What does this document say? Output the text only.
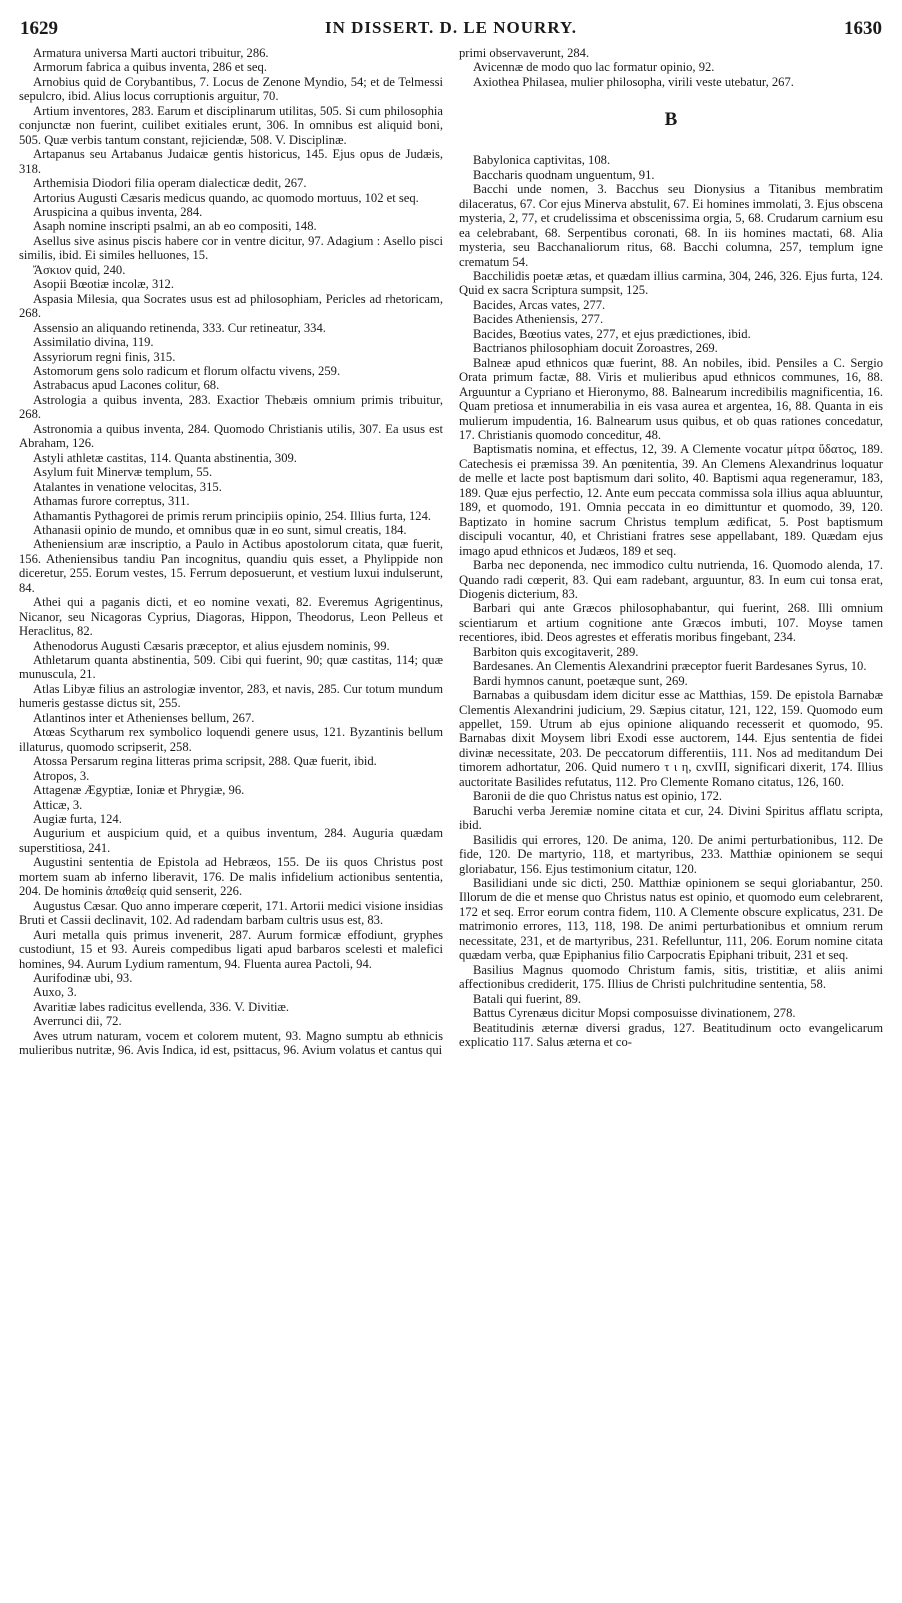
1629	IN DISSERT. D. LE NOURRY.	1630

Armatura universa Marti auctori tribuitur, 286.

Armorum fabrica a quibus inventa, 286 et seq.

Arnobius quid de Corybantibus, 7. Locus de Zenone Myndio, 54; et de Telmessi sepulcro, ibid. Alius locus corruptionis arguitur, 70.

Artium inventores, 283. Earum et disciplinarum utilitas, 505. Si cum philosophia conjunctæ non fuerint, cuilibet exitiales erunt, 306. In omnibus est aliquid boni, 505. Quæ verbis tantum constant, rejiciendæ, 508. V. Disciplinæ.

Artapanus seu Artabanus Judaicæ gentis historicus, 145. Ejus opus de Judæis, 318.

Arthemisia Diodori filia operam dialecticæ dedit, 267.

Artorius Augusti Cæsaris medicus quando, ac quomodo mortuus, 102 et seq.

Aruspicina a quibus inventa, 284.

Asaph nomine inscripti psalmi, an ab eo compositi, 148.

Asellus sive asinus piscis habere cor in ventre dicitur, 97. Adagium : Asello pisci similis, ibid. Ei similes helluones, 15.

Ἄσκιον quid, 240.

Asopii Bœotiæ incolæ, 312.

Aspasia Milesia, qua Socrates usus est ad philosophiam, Pericles ad rhetoricam, 268.

Assensio an aliquando retinenda, 333. Cur retineatur, 334.

Assimilatio divina, 119.

Assyriorum regni finis, 315.

Astomorum gens solo radicum et florum olfactu vivens, 259.

Astrabacus apud Lacones colitur, 68.

Astrologia a quibus inventa, 283. Exactior Thebæis omnium primis tribuitur, 268.

Astronomia a quibus inventa, 284. Quomodo Christianis utilis, 307. Ea usus est Abraham, 126.

Astyli athletæ castitas, 114. Quanta abstinentia, 309.

Asylum fuit Minervæ templum, 55.

Atalantes in venatione velocitas, 315.

Athamas furore correptus, 311.

Athamantis Pythagorei de primis rerum principiis opinio, 254. Illius furta, 124.

Athanasii opinio de mundo, et omnibus quæ in eo sunt, simul creatis, 184.

Atheniensium aræ inscriptio, a Paulo in Actibus apostolorum citata, quæ fuerit, 156. Atheniensibus tandiu Pan incognitus, quandiu quis esset, a Phylippide non diceretur, 255. Eorum vestes, 15. Ferrum deposuerunt, et vestium luxui indulserunt, 84.

Athei qui a paganis dicti, et eo nomine vexati, 82. Everemus Agrigentinus, Nicanor, seu Nicagoras Cyprius, Diagoras, Hippon, Theodorus, Leon Pelleus et Heraclitus, 82.

Athenodorus Augusti Cæsaris præceptor, et alius ejusdem nominis, 99.

Athletarum quanta abstinentia, 509. Cibi qui fuerint, 90; quæ castitas, 114; quæ munuscula, 21.

Atlas Libyæ filius an astrologiæ inventor, 283, et navis, 285. Cur totum mundum humeris gestasse dictus sit, 255.

Atlantinos inter et Athenienses bellum, 267.

Atœas Scytharum rex symbolico loquendi genere usus, 121. Byzantinis bellum illaturus, quomodo scripserit, 258.

Atossa Persarum regina litteras prima scripsit, 288. Quæ fuerit, ibid.

Atropos, 3.

Attagenæ Ægyptiæ, Ioniæ et Phrygiæ, 96.

Atticæ, 3.

Augiæ furta, 124.

Augurium et auspicium quid, et a quibus inventum, 284. Auguria quædam superstitiosa, 241.

Augustini sententia de Epistola ad Hebræos, 155. De iis quos Christus post mortem suam ab inferno liberavit, 176. De malis infidelium actionibus sententia, 204. De hominis ἀπαθείᾳ quid senserit, 226.

Augustus Cæsar. Quo anno imperare cœperit, 171. Artorii medici visione insidias Bruti et Cassii declinavit, 102. Ad radendam barbam cultris usus est, 83.

Auri metalla quis primus invenerit, 287. Aurum formicæ effodiunt, gryphes custodiunt, 15 et 93. Aureis compedibus ligati apud barbaros scelesti et malefici homines, 94. Aurum Lydium ramentum, 94. Fluenta aurea Pactoli, 94.

Aurifodinæ ubi, 93.

Auxo, 3.

Avaritiæ labes radicitus evellenda, 336. V. Divitiæ.

Averrunci dii, 72.

Aves utrum naturam, vocem et colorem mutent, 93. Magno sumptu ab ethnicis mulieribus nutritæ, 96. Avis Indica, id est, psittacus, 96. Avium volatus et cantus qui

primi observaverunt, 284.

Avicennæ de modo quo lac formatur opinio, 92.

Axiothea Philasea, mulier philosopha, virili veste utebatur, 267.

B

Babylonica captivitas, 108.

Baccharis quodnam unguentum, 91.

Bacchi unde nomen, 3. Bacchus seu Dionysius a Titanibus membratim dilaceratus, 67. Cor ejus Minerva abstulit, 67. Ei homines immolati, 3. Ejus obscena mysteria, 2, 77, et crudelissima et obscenissima orgia, 5, 68. Crudarum carnium esu ea celebrabant, 68. Serpentibus coronati, 68. In iis homines mactati, 68. Alia mysteria, seu Bacchanaliorum ritus, 68. Bacchi columna, 257, templum igne crematum 54.

Bacchilidis poetæ ætas, et quædam illius carmina, 304, 246, 326. Ejus furta, 124. Quid ex sacra Scriptura sumpsit, 125.

Bacides, Arcas vates, 277.

Bacides Atheniensis, 277.

Bacides, Bœotius vates, 277, et ejus prædictiones, ibid.

Bactrianos philosophiam docuit Zoroastres, 269.

Balneæ apud ethnicos quæ fuerint, 88. An nobiles, ibid. Pensiles a C. Sergio Orata primum factæ, 88. Viris et mulieribus apud ethnicos communes, 16, 88. Arguuntur a Cypriano et Hieronymo, 88. Balnearum incredibilis magnificentia, 16. Quam pretiosa et innumerabilia in eis vasa aurea et argentea, 16, 88. Quanta in eis mulierum impudentia, 16. Balnearum usus quibus, et ob quas rationes concedatur, 17. Christianis quomodo conceditur, 48.

Baptismatis nomina, et effectus, 12, 39. A Clemente vocatur μίτρα ὕδατος, 189. Catechesis ei præmissa 39. An pœnitentia, 39. An Clemens Alexandrinus loquatur de melle et lacte post baptismum dari solito, 40. Baptismi aqua regeneramur, 183, 189. Quæ ejus perfectio, 12. Ante eum peccata commissa sola illius aqua abluuntur, 189, et quomodo, 191. Omnia peccata in eo dimittuntur et quomodo, 39, 120. Baptizato in homine sacrum Christus templum ædificat, 5. Post baptismum discipuli vocantur, 40, et Christiani fratres sese appellabant, 189. Quædam ejus imago apud ethnicos et Judæos, 189 et seq.

Barba nec deponenda, nec immodico cultu nutrienda, 16. Quomodo alenda, 17. Quando radi cœperit, 83. Qui eam radebant, arguuntur, 83. In eum cui tonsa erat, Diogenis dicterium, 83.

Barbari qui ante Græcos philosophabantur, qui fuerint, 268. Illi omnium scientiarum et artium cognitione ante Græcos imbuti, 107. Moyse tamen recentiores, ibid. Deos agrestes et efferatis moribus fingebant, 234.

Barbiton quis excogitaverit, 289.

Bardesanes. An Clementis Alexandrini præceptor fuerit Bardesanes Syrus, 10.

Bardi hymnos canunt, poetæque sunt, 269.

Barnabas a quibusdam idem dicitur esse ac Matthias, 159. De epistola Barnabæ Clementis Alexandrini judicium, 29. Sæpius citatur, 121, 122, 159. Quomodo eum appellet, 159. Utrum ab ejus opinione aliquando recesserit et quomodo, 95. Barnabas dixit Moysem libri Exodi esse auctorem, 144. Ejus sententia de fidei divinæ necessitate, 203. De peccatorum differentiis, 111. Nos ad meditandum Dei timorem adhortatur, 206. Quid numero τ ι η, cxvIII, significari dixerit, 174. Illius auctoritate Basilides refutatus, 112. Pro Clemente Romano citatus, 126, 160.

Baronii de die quo Christus natus est opinio, 172.

Baruchi verba Jeremiæ nomine citata et cur, 24. Divini Spiritus afflatu scripta, ibid.

Basilidis qui errores, 120. De anima, 120. De animi perturbationibus, 112. De fide, 120. De martyrio, 118, et martyribus, 233. Matthiæ opinionem se sequi gloriabatur, 156. Ejus testimonium citatur, 120.

Basilidiani unde sic dicti, 250. Matthiæ opinionem se sequi gloriabantur, 250. Illorum de die et mense quo Christus natus est opinio, et quomodo eum celebrarent, 172 et seq. Error eorum contra fidem, 110. A Clemente obscure explicatus, 231. De matrimonio errores, 113, 118, 198. De animi perturbationibus et omnium rerum necessitate, 231, et de martyribus, 231. Refelluntur, 111, 206. Eorum nomine citata quædam verba, quæ Epiphanius filio Carpocratis Epiphani tribuit, 231 et seq.

Basilius Magnus quomodo Christum famis, sitis, tristitiæ, et aliis animi affectionibus crediderit, 175. Illius de Christi pulchritudine sententia, 58.

Batali qui fuerint, 89.

Battus Cyrenæus dicitur Mopsi composuisse divinationem, 278.

Beatitudinis æternæ diversi gradus, 127. Beatitudinum octo evangelicarum explicatio 117. Salus æterna et co-
